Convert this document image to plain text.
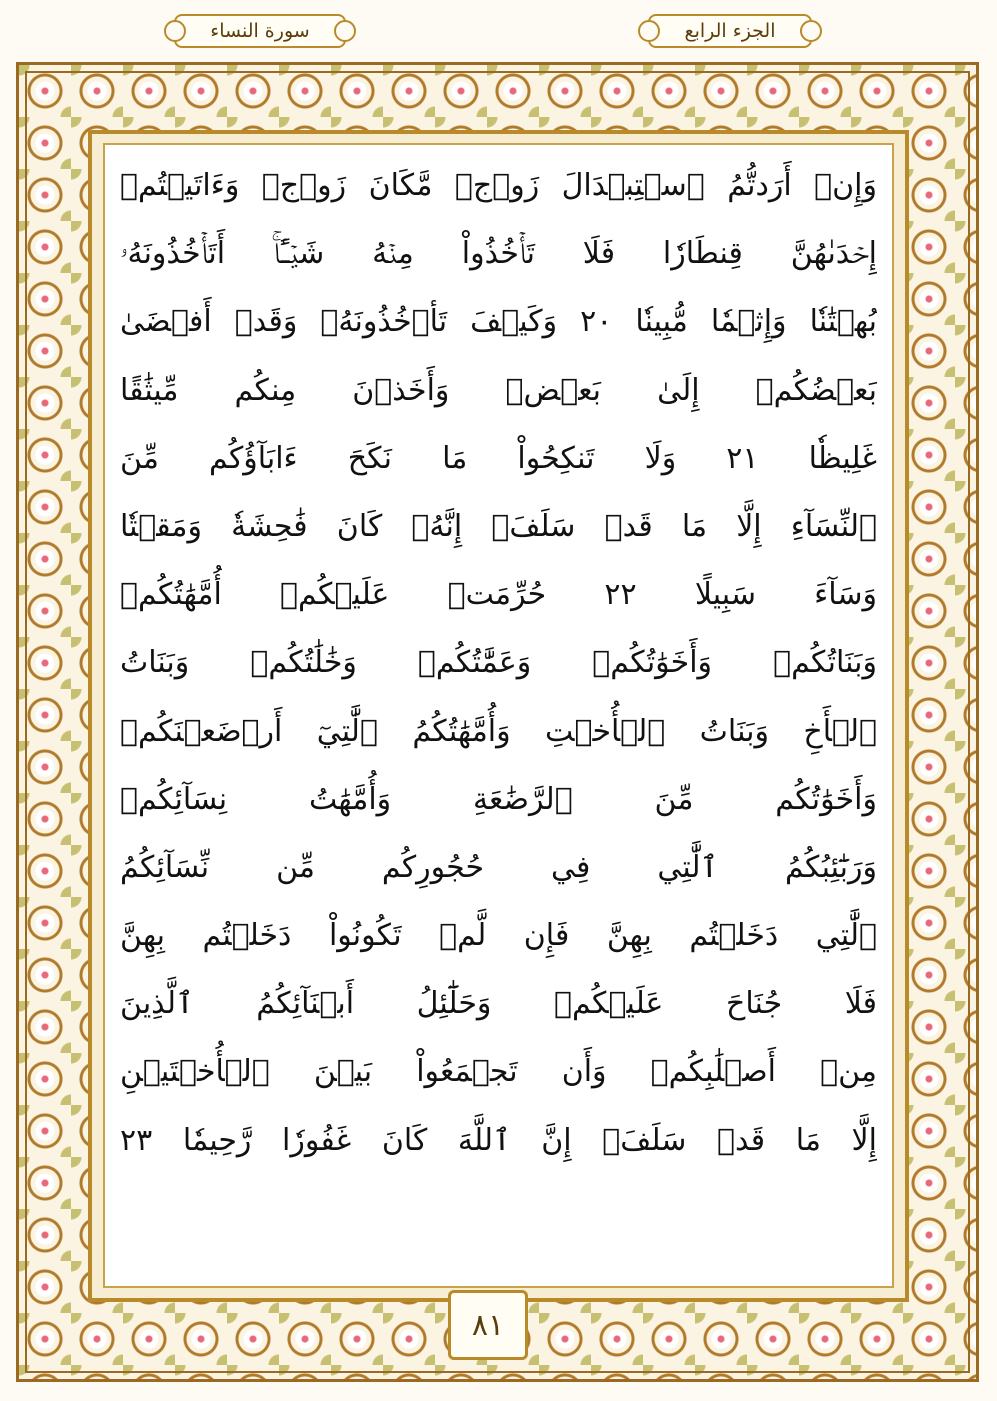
الجزء الرابع
سورة النساء
وَإِنۡ أَرَدتُّمُ ٱسۡتِبۡدَالَ زَوۡجٖ مَّكَانَ زَوۡجٖ وَءَاتَيۡتُمۡ
إِحۡدَىٰهُنَّ قِنطَارٗا فَلَا تَأۡخُذُواْ مِنۡهُ شَيۡـًٔاۚ أَتَأۡخُذُونَهُۥ
بُهۡتَٰنٗا وَإِثۡمٗا مُّبِينٗا ٢٠ وَكَيۡفَ تَأۡخُذُونَهُۥ وَقَدۡ أَفۡضَىٰ
بَعۡضُكُمۡ إِلَىٰ بَعۡضٖ وَأَخَذۡنَ مِنكُم مِّيثَٰقًا
غَلِيظٗا ٢١ وَلَا تَنكِحُواْ مَا نَكَحَ ءَابَآؤُكُم مِّنَ
ٱلنِّسَآءِ إِلَّا مَا قَدۡ سَلَفَۚ إِنَّهُۥ كَانَ فَٰحِشَةٗ وَمَقۡتٗا
وَسَآءَ سَبِيلًا ٢٢ حُرِّمَتۡ عَلَيۡكُمۡ أُمَّهَٰتُكُمۡ
وَبَنَاتُكُمۡ وَأَخَوَٰتُكُمۡ وَعَمَّٰتُكُمۡ وَخَٰلَٰتُكُمۡ وَبَنَاتُ
ٱلۡأَخِ وَبَنَاتُ ٱلۡأُخۡتِ وَأُمَّهَٰتُكُمُ ٱلَّٰتِيٓ أَرۡضَعۡنَكُمۡ
وَأَخَوَٰتُكُم مِّنَ ٱلرَّضَٰعَةِ وَأُمَّهَٰتُ نِسَآئِكُمۡ
وَرَبَٰٓئِبُكُمُ ٱلَّٰتِي فِي حُجُورِكُم مِّن نِّسَآئِكُمُ
ٱلَّٰتِي دَخَلۡتُم بِهِنَّ فَإِن لَّمۡ تَكُونُواْ دَخَلۡتُم بِهِنَّ
فَلَا جُنَاحَ عَلَيۡكُمۡ وَحَلَٰٓئِلُ أَبۡنَآئِكُمُ ٱلَّذِينَ
مِنۡ أَصۡلَٰبِكُمۡ وَأَن تَجۡمَعُواْ بَيۡنَ ٱلۡأُخۡتَيۡنِ
إِلَّا مَا قَدۡ سَلَفَۗ إِنَّ ٱللَّهَ كَانَ غَفُورٗا رَّحِيمٗا ٢٣
٨١
